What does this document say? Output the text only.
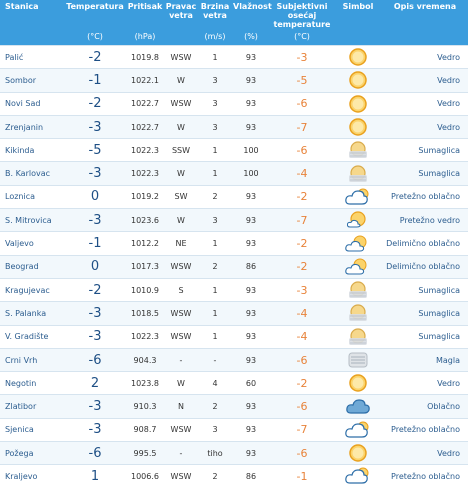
Stanica	Temperatura	Pritisak	Pravac vetra	Brzina vetra	Vlažnost	Subjektivni osećaj temperature	Simbol	Opis vremena
	(°C)	(hPa)		(m/s)	(%)	(°C)		
Palić	-2	1019.8	WSW	1	93	-3		Vedro
Sombor	-1	1022.1	W	3	93	-5		Vedro
Novi Sad	-2	1022.7	WSW	3	93	-6		Vedro
Zrenjanin	-3	1022.7	W	3	93	-7		Vedro
Kikinda	-5	1022.3	SSW	1	100	-6		Sumaglica
B. Karlovac	-3	1022.3	W	1	100	-4		Sumaglica
Loznica	0	1019.2	SW	2	93	-2		Pretežno oblačno
S. Mitrovica	-3	1023.6	W	3	93	-7		Pretežno vedro
Valjevo	-1	1012.2	NE	1	93	-2		Delimično oblačno
Beograd	0	1017.3	WSW	2	86	-2		Delimično oblačno
Kragujevac	-2	1010.9	S	1	93	-3		Sumaglica
S. Palanka	-3	1018.5	WSW	1	93	-4		Sumaglica
V. Gradište	-3	1022.3	WSW	1	93	-4		Sumaglica
Crni Vrh	-6	904.3	-	-	93	-6		Magla
Negotin	2	1023.8	W	4	60	-2		Vedro
Zlatibor	-3	910.3	N	2	93	-6		Oblačno
Sjenica	-3	908.7	WSW	3	93	-7		Pretežno oblačno
Požega	-6	995.5	-	tiho	93	-6		Vedro
Kraljevo	1	1006.6	WSW	2	86	-1		Pretežno oblačno
